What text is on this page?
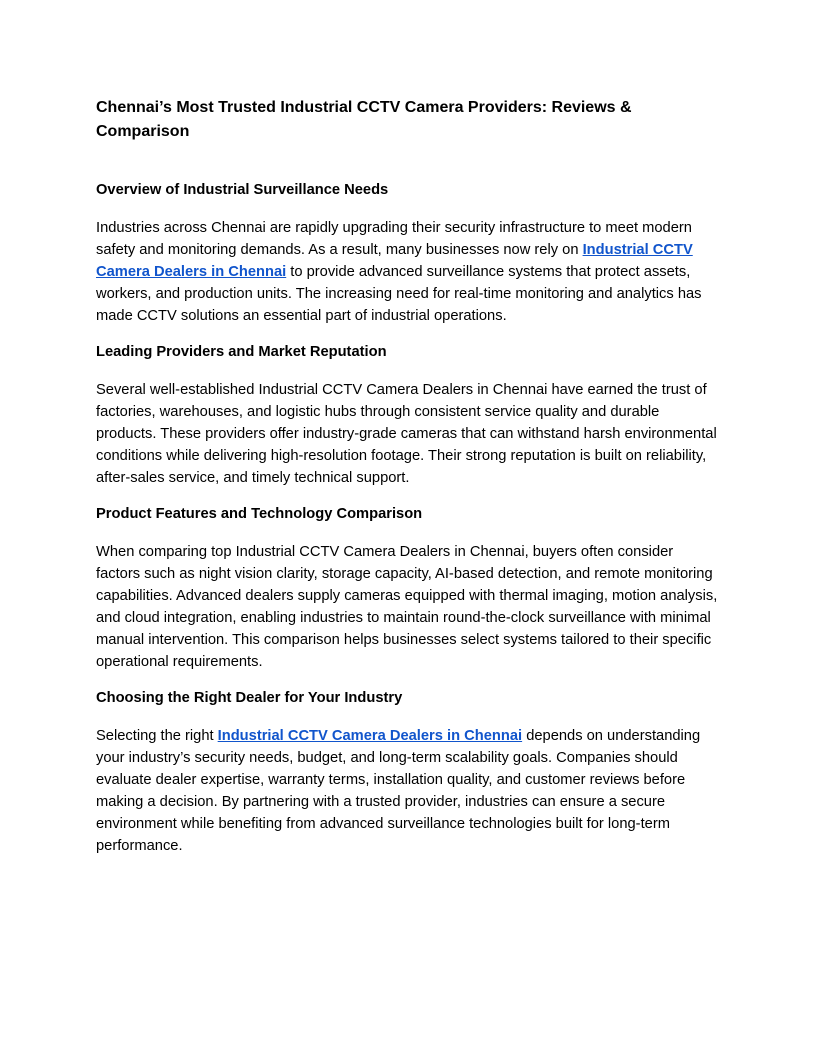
Chennai’s Most Trusted Industrial CCTV Camera Providers: Reviews & Comparison
Overview of Industrial Surveillance Needs

Industries across Chennai are rapidly upgrading their security infrastructure to meet modern safety and monitoring demands. As a result, many businesses now rely on Industrial CCTV Camera Dealers in Chennai to provide advanced surveillance systems that protect assets, workers, and production units. The increasing need for real-time monitoring and analytics has made CCTV solutions an essential part of industrial operations.

Leading Providers and Market Reputation

Several well-established Industrial CCTV Camera Dealers in Chennai have earned the trust of factories, warehouses, and logistic hubs through consistent service quality and durable products. These providers offer industry-grade cameras that can withstand harsh environmental conditions while delivering high-resolution footage. Their strong reputation is built on reliability, after-sales service, and timely technical support.

Product Features and Technology Comparison

When comparing top Industrial CCTV Camera Dealers in Chennai, buyers often consider factors such as night vision clarity, storage capacity, AI-based detection, and remote monitoring capabilities. Advanced dealers supply cameras equipped with thermal imaging, motion analysis, and cloud integration, enabling industries to maintain round-the-clock surveillance with minimal manual intervention. This comparison helps businesses select systems tailored to their specific operational requirements.

Choosing the Right Dealer for Your Industry

Selecting the right Industrial CCTV Camera Dealers in Chennai depends on understanding your industry’s security needs, budget, and long-term scalability goals. Companies should evaluate dealer expertise, warranty terms, installation quality, and customer reviews before making a decision. By partnering with a trusted provider, industries can ensure a secure environment while benefiting from advanced surveillance technologies built for long-term performance.
